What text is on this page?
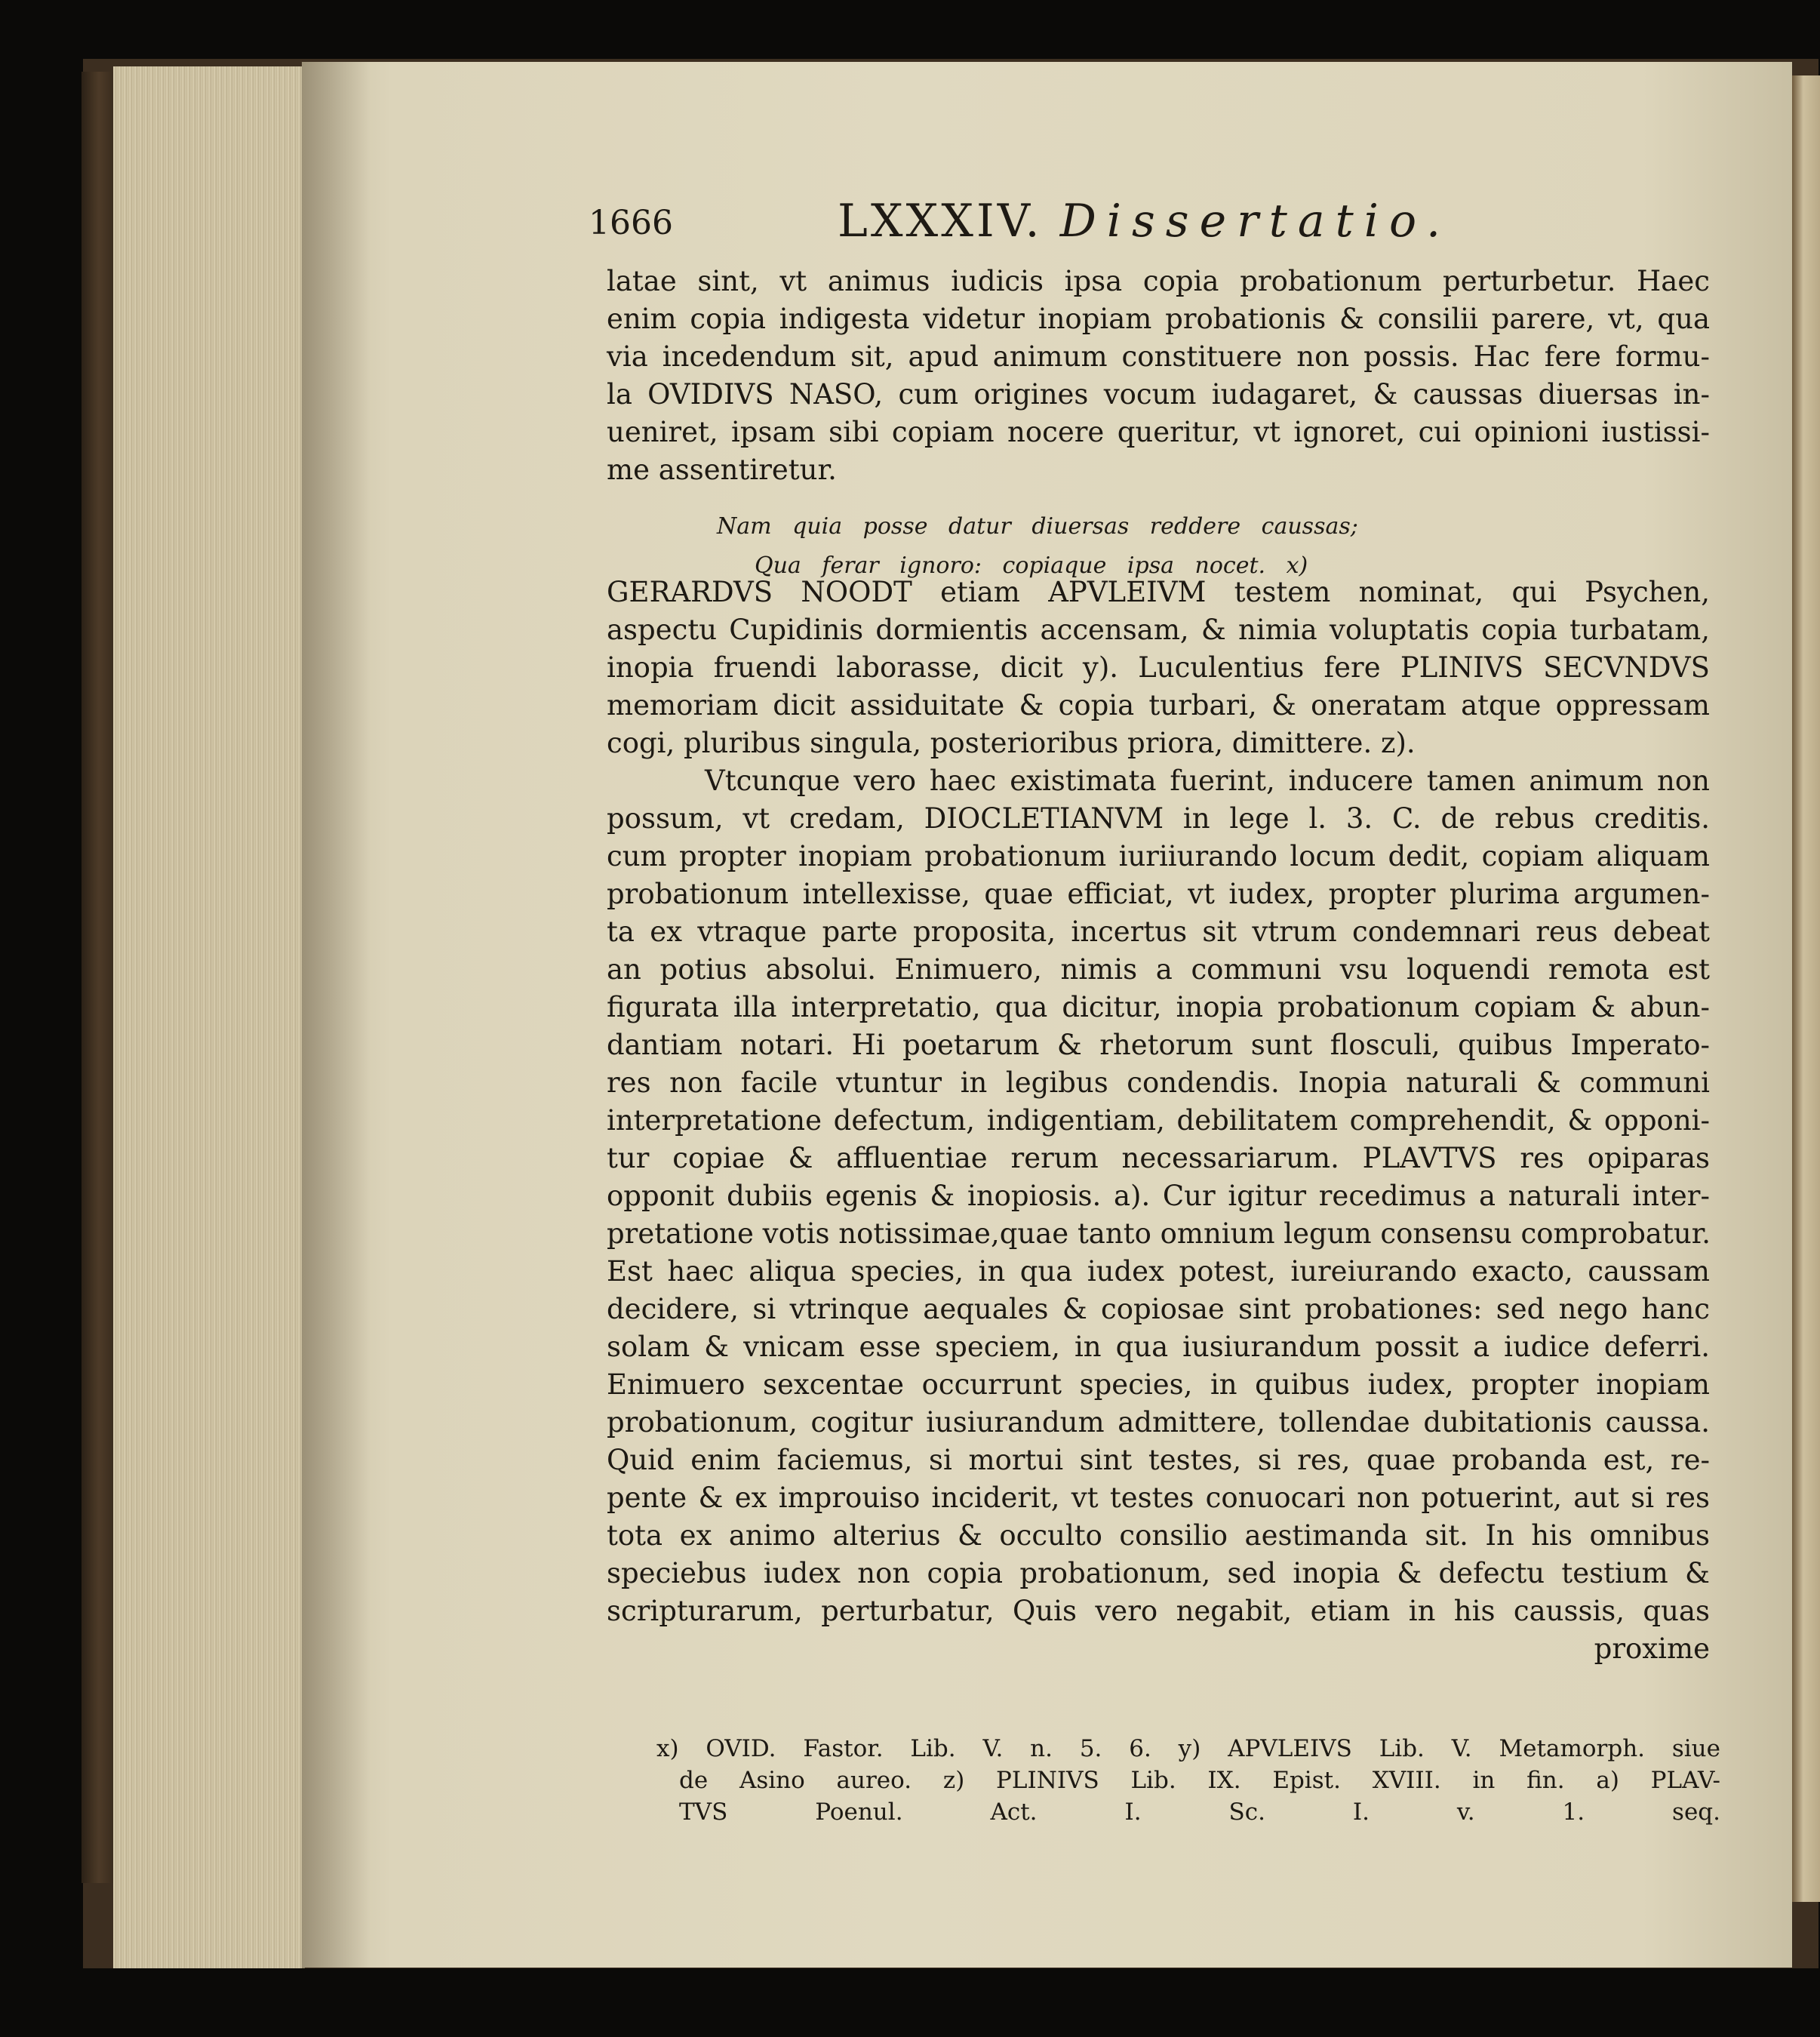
1666	LXXXIV. Dissertatio.
latae sint, vt animus iudicis ipsa copia probationum perturbetur. Haec
enim copia indigesta videtur inopiam probationis & consilii parere, vt, qua
via incedendum sit, apud animum constituere non possis. Hac fere formu-
la OVIDIVS NASO, cum origines vocum iudagaret, & caussas diuersas in-
ueniret, ipsam sibi copiam nocere queritur, vt ignoret, cui opinioni iustissi-
me assentiretur.
GERARDVS NOODT etiam APVLEIVM testem nominat, qui Psychen,
aspectu Cupidinis dormientis accensam, & nimia voluptatis copia turbatam,
inopia fruendi laborasse, dicit y). Luculentius fere PLINIVS SECVNDVS
memoriam dicit assiduitate & copia turbari, & oneratam atque oppressam
cogi, pluribus singula, posterioribus priora, dimittere. z).
Vtcunque vero haec existimata fuerint, inducere tamen animum non
possum, vt credam, DIOCLETIANVM in lege l. 3. C. de rebus creditis.
cum propter inopiam probationum iuriiurando locum dedit, copiam aliquam
probationum intellexisse, quae efficiat, vt iudex, propter plurima argumen-
ta ex vtraque parte proposita, incertus sit vtrum condemnari reus debeat
an potius absolui. Enimuero, nimis a communi vsu loquendi remota est
figurata illa interpretatio, qua dicitur, inopia probationum copiam & abun-
dantiam notari. Hi poetarum & rhetorum sunt flosculi, quibus Imperato-
res non facile vtuntur in legibus condendis. Inopia naturali & communi
interpretatione defectum, indigentiam, debilitatem comprehendit, & opponi-
tur copiae & affluentiae rerum necessariarum. PLAVTVS res opiparas
opponit dubiis egenis & inopiosis. a). Cur igitur recedimus a naturali inter-
pretatione votis notissimae,quae tanto omnium legum consensu comprobatur.
Est haec aliqua species, in qua iudex potest, iureiurando exacto, caussam
decidere, si vtrinque aequales & copiosae sint probationes: sed nego hanc
solam & vnicam esse speciem, in qua iusiurandum possit a iudice deferri.
Enimuero sexcentae occurrunt species, in quibus iudex, propter inopiam
probationum, cogitur iusiurandum admittere, tollendae dubitationis caussa.
Quid enim faciemus, si mortui sint testes, si res, quae probanda est, re-
pente & ex improuiso inciderit, vt testes conuocari non potuerint, aut si res
tota ex animo alterius & occulto consilio aestimanda sit. In his omnibus
speciebus iudex non copia probationum, sed inopia & defectu testium &
scripturarum, perturbatur, Quis vero negabit, etiam in his caussis, quas
proxime
Nam quia posse datur diuersas reddere caussas;
Qua ferar ignoro: copiaque ipsa nocet. x)
x) OVID. Fastor. Lib. V. n. 5. 6. y) APVLEIVS Lib. V. Metamorph. siue
de Asino aureo. z) PLINIVS Lib. IX. Epist. XVIII. in fin. a) PLAV-
TVS Poenul. Act. I. Sc. I. v. 1. seq.
